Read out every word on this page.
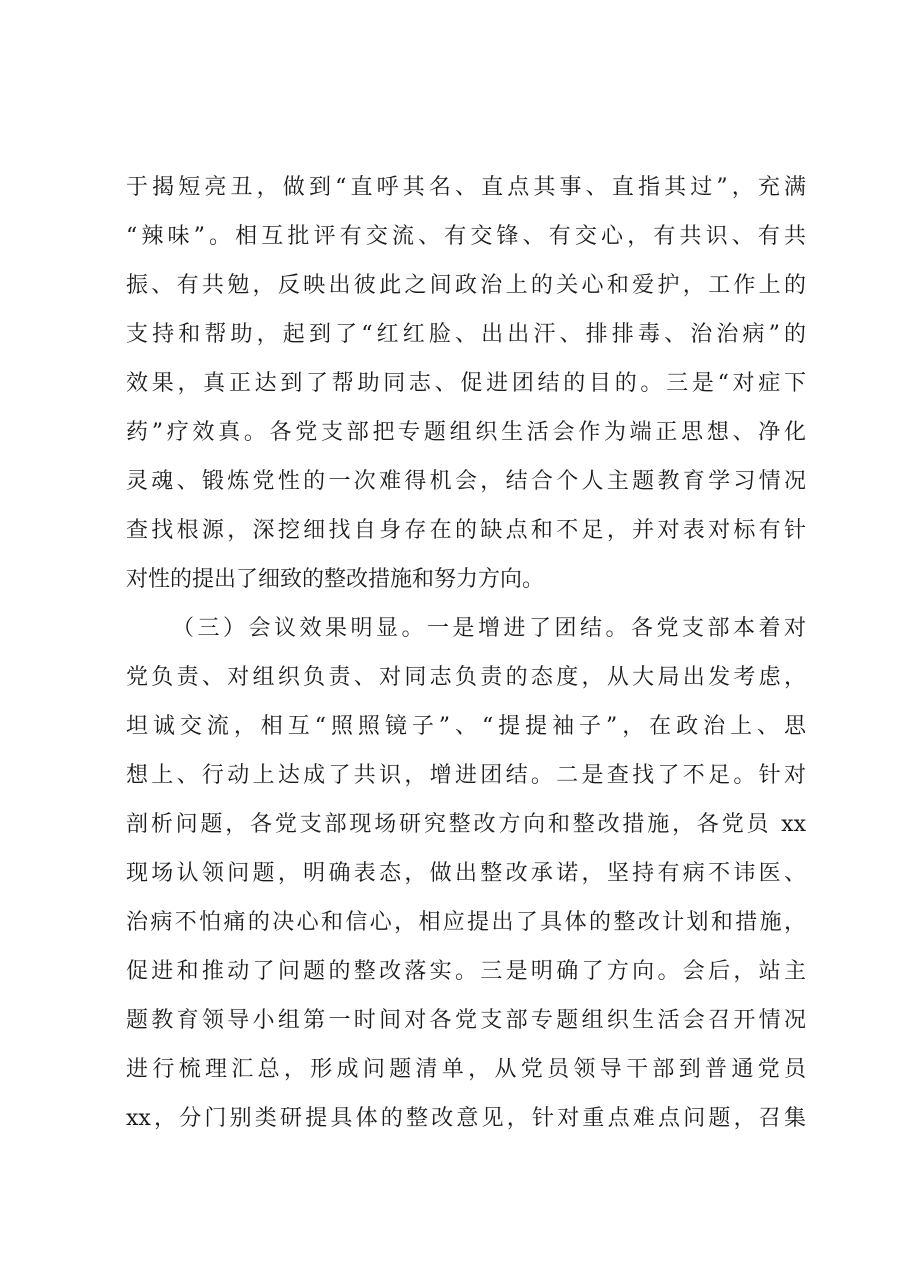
于揭短亮丑，做到“直呼其名、直点其事、直指其过”，充满
“辣味”。相互批评有交流、有交锋、有交心，有共识、有共
振、有共勉，反映出彼此之间政治上的关心和爱护，工作上的
支持和帮助，起到了“红红脸、出出汗、排排毒、治治病”的
效果，真正达到了帮助同志、促进团结的目的。三是“对症下
药”疗效真。各党支部把专题组织生活会作为端正思想、净化
灵魂、锻炼党性的一次难得机会，结合个人主题教育学习情况
查找根源，深挖细找自身存在的缺点和不足，并对表对标有针
对性的提出了细致的整改措施和努力方向。
（三）会议效果明显。一是增进了团结。各党支部本着对
党负责、对组织负责、对同志负责的态度，从大局出发考虑，
坦诚交流，相互“照照镜子”、“提提袖子”，在政治上、思
想上、行动上达成了共识，增进团结。二是查找了不足。针对
剖析问题，各党支部现场研究整改方向和整改措施，各党员 xx
现场认领问题，明确表态，做出整改承诺，坚持有病不讳医、
治病不怕痛的决心和信心，相应提出了具体的整改计划和措施，
促进和推动了问题的整改落实。三是明确了方向。会后，站主
题教育领导小组第一时间对各党支部专题组织生活会召开情况
进行梳理汇总，形成问题清单，从党员领导干部到普通党员
xx，分门别类研提具体的整改意见，针对重点难点问题，召集
